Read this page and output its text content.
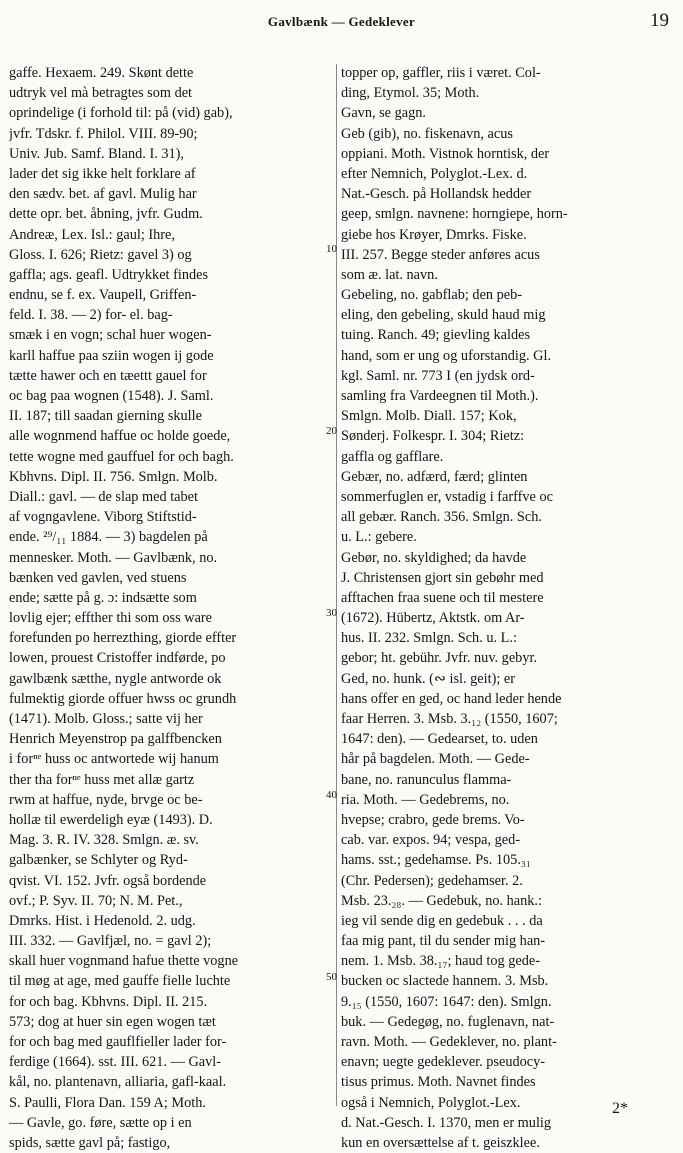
Gavlbænk — Gedeklever	19
gaffe. Hexaem. 249. Skønt dette
udtryk vel mà betragtes som det
oprindelige (i forhold til: på (vid) gab),
jvfr. Tdskr. f. Philol. VIII. 89-90;
Univ. Jub. Samf. Bland. I. 31),
lader det sig ikke helt forklare af
den sædv. bet. af gavl. Mulig har
dette opr. bet. åbning, jvfr. Gudm.
Andreæ, Lex. Isl.: gaul; Ihre,
Gloss. I. 626; Rietz: gavel 3) og
gaffla; ags. geafl. Udtrykket findes
endnu, se f. ex. Vaupell, Griffen-
feld. I. 38. — 2) for- el. bag-
smæk i en vogn; schal huer wogen-
karll haffue paa sziin wogen ij gode
tætte hawer och en tæettt gauel for
oc bag paa wognen (1548). J. Saml.
II. 187; till saadan gierning skulle
alle wognmend haffue oc holde goede,
tette wogne med gauffuel for och bagh.
Kbhvns. Dipl. II. 756. Smlgn. Molb.
Diall.: gavl. — de slap med tabet
af vogngavlene. Viborg Stiftstid-
ende. ²⁹/₁₁ 1884. — 3) bagdelen på
mennesker. Moth. — Gavlbænk, no.
bænken ved gavlen, ved stuens
ende; sætte på g. ɔ: indsætte som
lovlig ejer; effther thi som oss ware
forefunden po herrezthing, giorde effter
lowen, prouest Cristoffer indførde, po
gawlbænk sætthe, nygle antworde ok
fulmektig giorde offuer hwss oc grundh
(1471). Molb. Gloss.; satte vij her
Henrich Meyenstrop pa galffbencken
i forⁿᵉ huss oc antwortede wij hanum
ther tha forⁿᵉ huss met allæ gartz
rwm at haffue, nyde, brvge oc be-
hollæ til ewerdeligh eyæ (1493). D.
Mag. 3. R. IV. 328. Smlgn. æ. sv.
galbænker, se Schlyter og Ryd-
qvist. VI. 152. Jvfr. også bordende
ovf.; P. Syv. II. 70; N. M. Pet.,
Dmrks. Hist. i Hedenold. 2. udg.
III. 332. — Gavlfjæl, no. = gavl 2);
skall huer vognmand hafue thette vogne
til møg at age, med gauffe fielle luchte
for och bag. Kbhvns. Dipl. II. 215.
573; dog at huer sin egen wogen tæt
for och bag med gauflfieller lader for-
ferdige (1664). sst. III. 621. — Gavl-
kål, no. plantenavn, alliaria, gafl-kaal.
S. Paulli, Flora Dan. 159 A; Moth.
— Gavle, go. føre, sætte op i en
spids, sætte gavl på; fastigo,
topper op, gaffler, riis i været. Col-
ding, Etymol. 35; Moth.
Gavn, se gagn.
Geb (gib), no. fiskenavn, acus
oppiani. Moth. Vistnok horntisk, der
efter Nemnich, Polyglot.-Lex. d.
Nat.-Gesch. på Hollandsk hedder
geep, smlgn. navnene: horngiepe, horn-
giebe hos Krøyer, Dmrks. Fiske.
III. 257. Begge steder anføres acus
som æ. lat. navn.
Gebeling, no. gabflab; den peb-
eling, den gebeling, skuld haud mig
tuing. Ranch. 49; gievling kaldes
hand, som er ung og uforstandig. Gl.
kgl. Saml. nr. 773 I (en jydsk ord-
samling fra Vardeegnen til Moth.).
Smlgn. Molb. Diall. 157; Kok,
Sønderj. Folkespr. I. 304; Rietz:
gaffla og gafflare.
Gebær, no. adfærd, færd; glinten
sommerfuglen er, vstadig i farffve oc
all gebær. Ranch. 356. Smlgn. Sch.
u. L.: gebere.
Gebør, no. skyldighed; da havde
J. Christensen gjort sin gebøhr med
afftachen fraa suene och til mestere
(1672). Hübertz, Aktstk. om Ar-
hus. II. 232. Smlgn. Sch. u. L.:
gebor; ht. gebühr. Jvfr. nuv. gebyr.
Ged, no. hunk. (∾ isl. geit); er
hans offer en ged, oc hand leder hende
faar Herren. 3. Msb. 3.₁₂ (1550, 1607;
1647: den). — Gedearset, to. uden
hår på bagdelen. Moth. — Gede-
bane, no. ranunculus flamma-
ria. Moth. — Gedebrems, no.
hvepse; crabro, gede brems. Vo-
cab. var. expos. 94; vespa, ged-
hams. sst.; gedehamse. Ps. 105.₃₁
(Chr. Pedersen); gedehamser. 2.
Msb. 23.₂₈. — Gedebuk, no. hank.:
ieg vil sende dig en gedebuk . . . da
faa mig pant, til du sender mig han-
nem. 1. Msb. 38.₁₇; haud tog gede-
bucken oc slactede hannem. 3. Msb.
9.₁₅ (1550, 1607: 1647: den). Smlgn.
buk. — Gedegøg, no. fuglenavn, nat-
ravn. Moth. — Gedeklever, no. plant-
enavn; uegte gedeklever. pseudocy-
tisus primus. Moth. Navnet findes
også i Nemnich, Polyglot.-Lex.
d. Nat.-Gesch. I. 1370, men er mulig
kun en oversættelse af t. geiszklee.
10
20
30
40
50
2*
